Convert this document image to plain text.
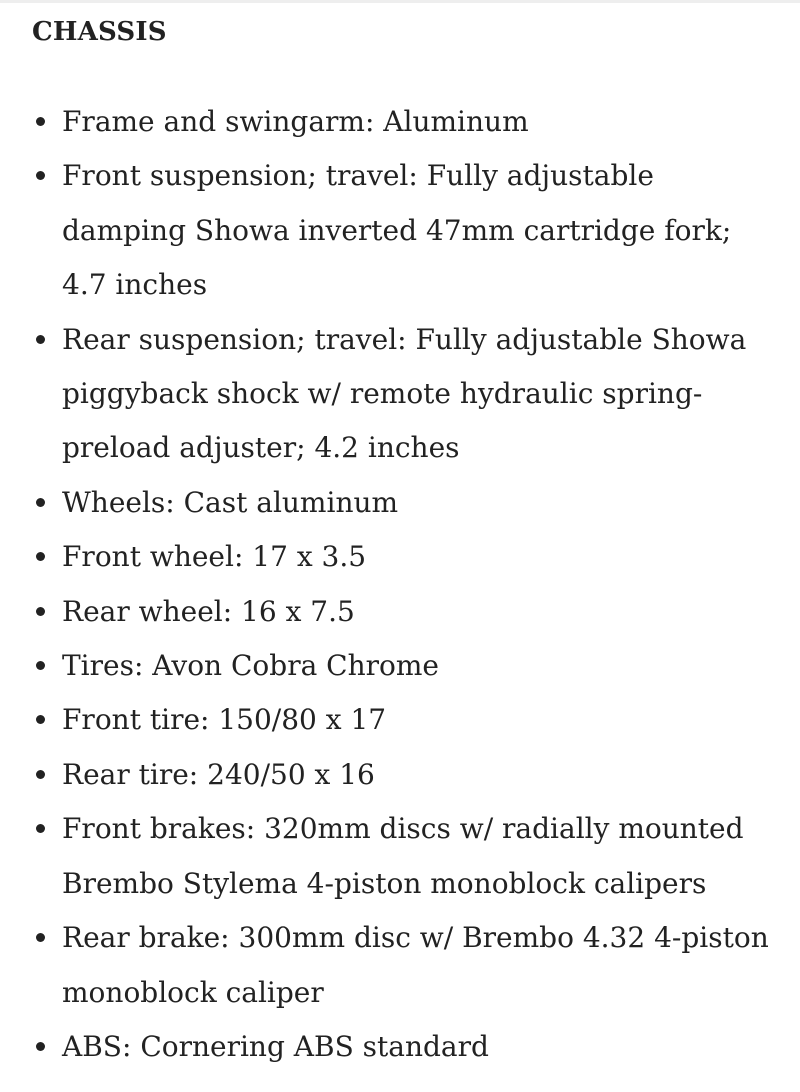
CHASSIS
Frame and swingarm: Aluminum
Front suspension; travel: Fully adjustable damping Showa inverted 47mm cartridge fork; 4.7 inches
Rear suspension; travel: Fully adjustable Showa piggyback shock w/ remote hydraulic spring-preload adjuster; 4.2 inches
Wheels: Cast aluminum
Front wheel: 17 x 3.5
Rear wheel: 16 x 7.5
Tires: Avon Cobra Chrome
Front tire: 150/80 x 17
Rear tire: 240/50 x 16
Front brakes: 320mm discs w/ radially mounted Brembo Stylema 4-piston monoblock calipers
Rear brake: 300mm disc w/ Brembo 4.32 4-piston monoblock caliper
ABS: Cornering ABS standard
